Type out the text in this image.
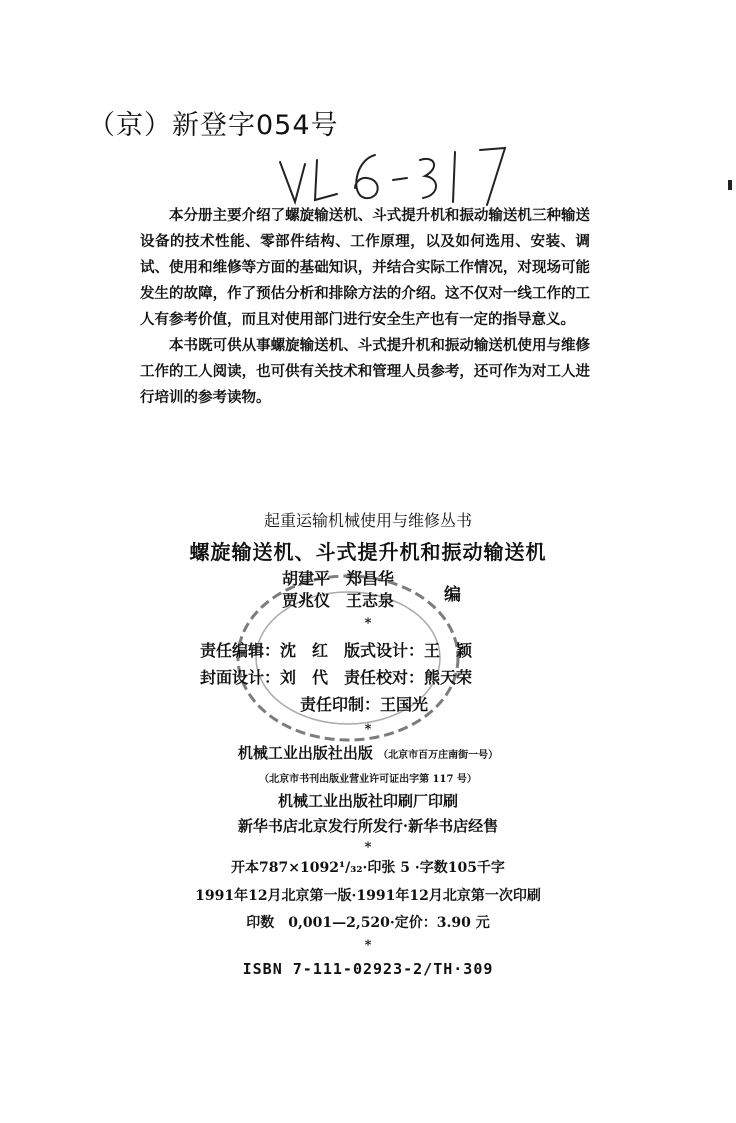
（京）新登字054号

本分册主要介绍了螺旋输送机、斗式提升机和振动输送机三种输送设备的技术性能、零部件结构、工作原理，以及如何选用、安装、调试、使用和维修等方面的基础知识，并结合实际工作情况，对现场可能发生的故障，作了预估分析和排除方法的介绍。这不仅对一线工作的工人有参考价值，而且对使用部门进行安全生产也有一定的指导意义。

本书既可供从事螺旋输送机、斗式提升机和振动输送机使用与维修工作的工人阅读，也可供有关技术和管理人员参考，还可作为对工人进行培训的参考读物。

起重运输机械使用与维修丛书
螺旋输送机、斗式提升机和振动输送机
胡建平　郑昌华
贾兆仪　王志泉	编
*
责任编辑：沈　红　版式设计：王　颖
封面设计：刘　代　责任校对：熊天荣
责任印制：王国光
*
机械工业出版社出版 （北京市百万庄南街一号）
（北京市书刊出版业营业许可证出字第 117 号）
机械工业出版社印刷厂印刷
新华书店北京发行所发行·新华书店经售
*
开本787×1092¹/₃₂·印张 5 ·字数105千字
1991年12月北京第一版·1991年12月北京第一次印刷
印数　0,001—2,520·定价：3.90 元
*
ISBN 7-111-02923-2/TH·309
